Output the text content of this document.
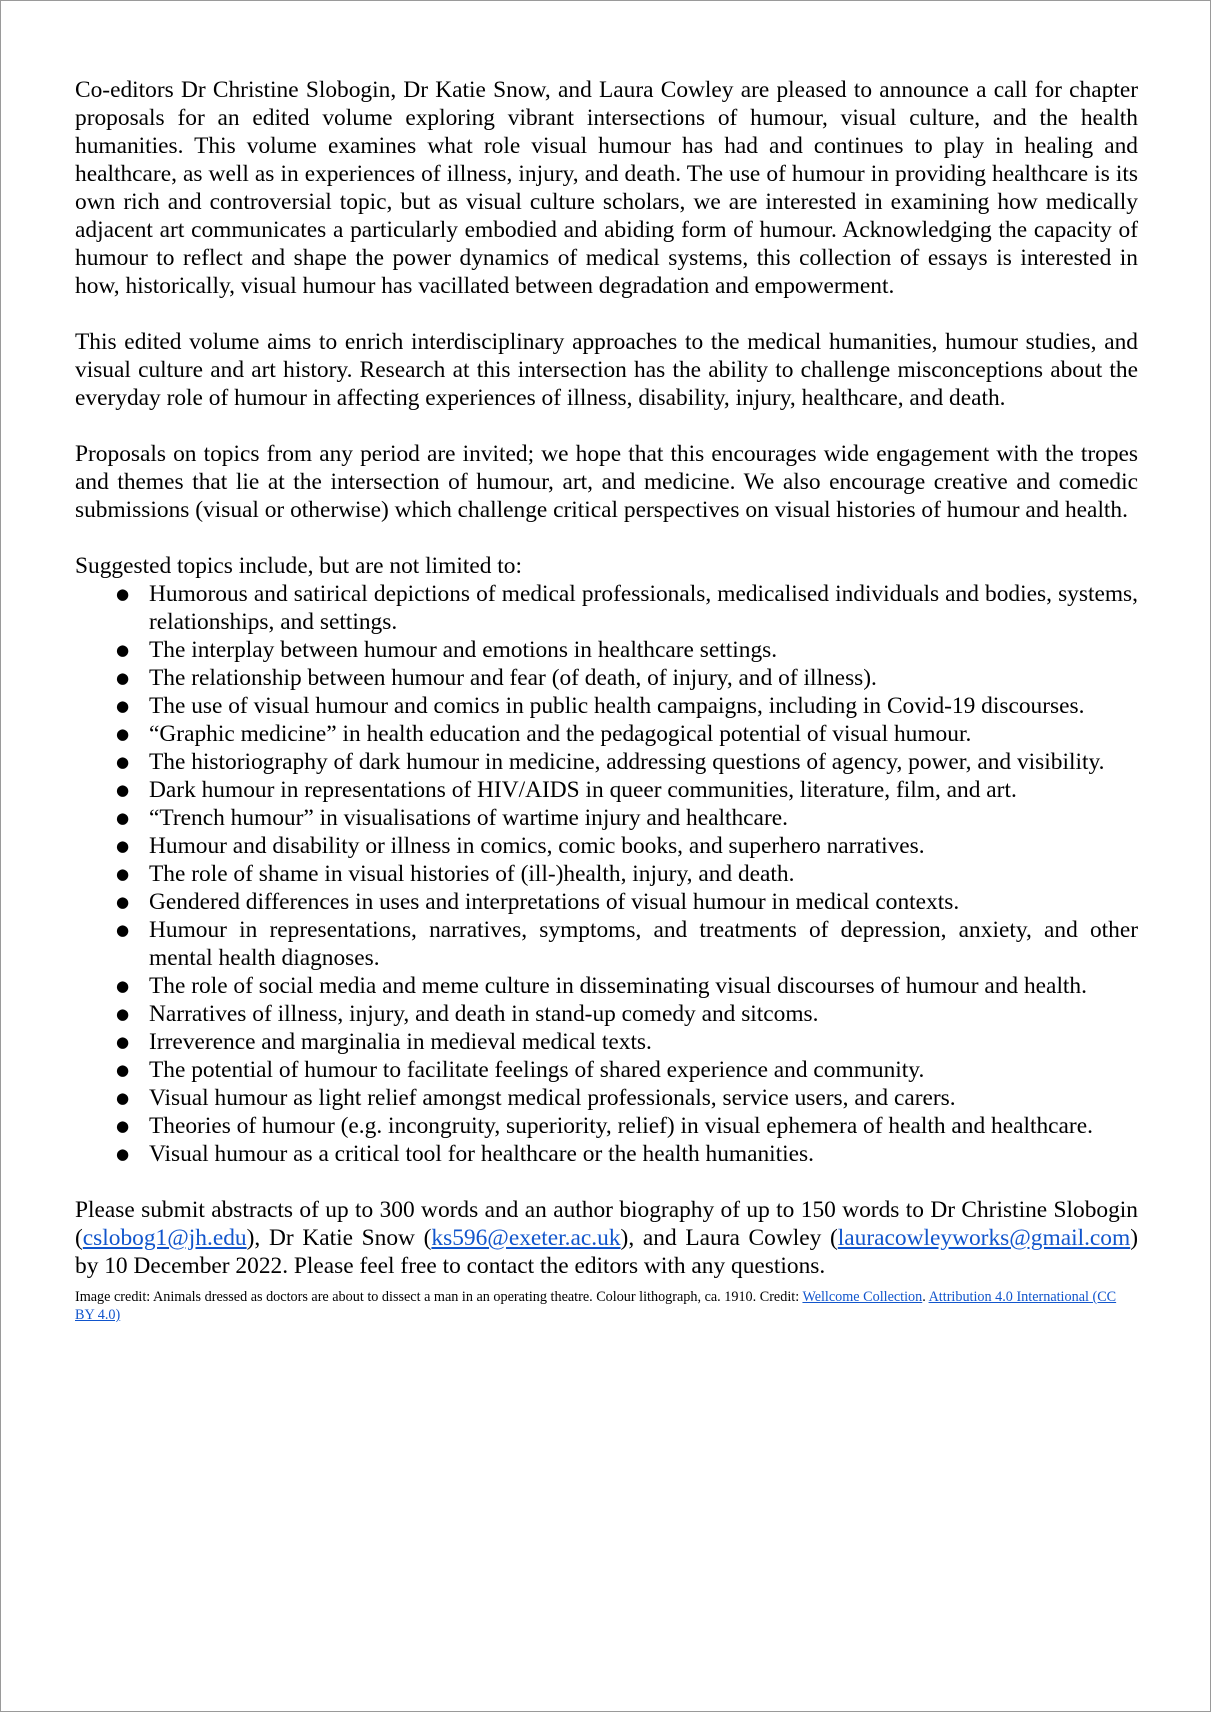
Co-editors Dr Christine Slobogin, Dr Katie Snow, and Laura Cowley are pleased to announce a call for chapter proposals for an edited volume exploring vibrant intersections of humour, visual culture, and the health humanities. This volume examines what role visual humour has had and continues to play in healing and healthcare, as well as in experiences of illness, injury, and death. The use of humour in providing healthcare is its own rich and controversial topic, but as visual culture scholars, we are interested in examining how medically adjacent art communicates a particularly embodied and abiding form of humour. Acknowledging the capacity of humour to reflect and shape the power dynamics of medical systems, this collection of essays is interested in how, historically, visual humour has vacillated between degradation and empowerment.

This edited volume aims to enrich interdisciplinary approaches to the medical humanities, humour studies, and visual culture and art history. Research at this intersection has the ability to challenge misconceptions about the everyday role of humour in affecting experiences of illness, disability, injury, healthcare, and death.

Proposals on topics from any period are invited; we hope that this encourages wide engagement with the tropes and themes that lie at the intersection of humour, art, and medicine. We also encourage creative and comedic submissions (visual or otherwise) which challenge critical perspectives on visual histories of humour and health.

Suggested topics include, but are not limited to:

● Humorous and satirical depictions of medical professionals, medicalised individuals and bodies, systems, relationships, and settings.
● The interplay between humour and emotions in healthcare settings.
● The relationship between humour and fear (of death, of injury, and of illness).
● The use of visual humour and comics in public health campaigns, including in Covid-19 discourses.
● “Graphic medicine” in health education and the pedagogical potential of visual humour.
● The historiography of dark humour in medicine, addressing questions of agency, power, and visibility.
● Dark humour in representations of HIV/AIDS in queer communities, literature, film, and art.
● “Trench humour” in visualisations of wartime injury and healthcare.
● Humour and disability or illness in comics, comic books, and superhero narratives.
● The role of shame in visual histories of (ill-)health, injury, and death.
● Gendered differences in uses and interpretations of visual humour in medical contexts.
● Humour in representations, narratives, symptoms, and treatments of depression, anxiety, and other mental health diagnoses.
● The role of social media and meme culture in disseminating visual discourses of humour and health.
● Narratives of illness, injury, and death in stand-up comedy and sitcoms.
● Irreverence and marginalia in medieval medical texts.
● The potential of humour to facilitate feelings of shared experience and community.
● Visual humour as light relief amongst medical professionals, service users, and carers.
● Theories of humour (e.g. incongruity, superiority, relief) in visual ephemera of health and healthcare.
● Visual humour as a critical tool for healthcare or the health humanities.

Please submit abstracts of up to 300 words and an author biography of up to 150 words to Dr Christine Slobogin (cslobog1@jh.edu), Dr Katie Snow (ks596@exeter.ac.uk), and Laura Cowley (lauracowleyworks@gmail.com) by 10 December 2022. Please feel free to contact the editors with any questions.

Image credit: Animals dressed as doctors are about to dissect a man in an operating theatre. Colour lithograph, ca. 1910. Credit: Wellcome Collection. Attribution 4.0 International (CC BY 4.0)
